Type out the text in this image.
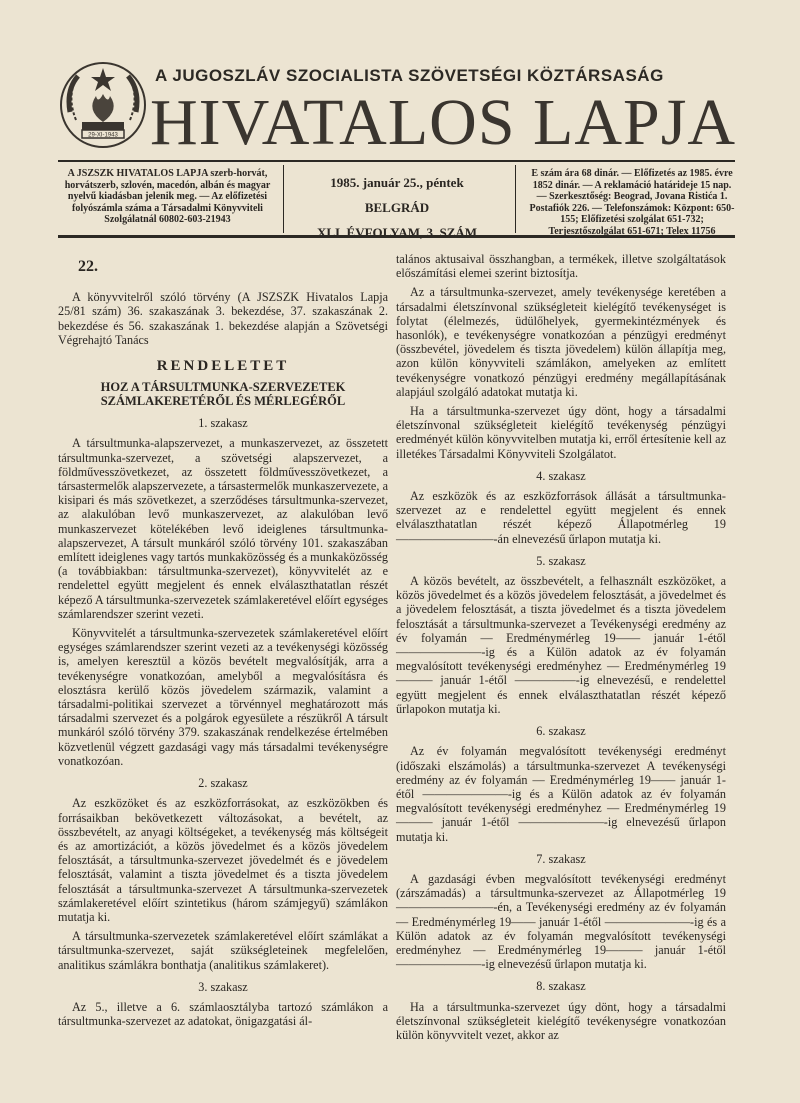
29-XI-1943
A JUGOSZLÁV SZOCIALISTA SZÖVETSÉGI KÖZTÁRSASÁG
HIVATALOS LAPJA
A JSZSZK HIVATALOS LAPJA szerb-horvát, horvátszerb, szlovén, macedón, albán és magyar nyelvű kiadásban jelenik meg. — Az előfizetési folyószámla száma a Társadalmi Könyvviteli Szolgálatnál 60802-603-21943
1985. január 25., péntek
BELGRÁD
XLI. ÉVFOLYAM, 3. SZÁM
E szám ára 68 dinár. — Előfizetés az 1985. évre 1852 dinár. — A reklamáció határideje 15 nap. — Szerkesztőség: Beograd, Jovana Ristića 1. Postafiók 226. — Telefonszámok: Központ: 650-155; Előfizetési szolgálat 651-732; Terjesztőszolgálat 651-671; Telex 11756
22.

A könyvvitelről szóló törvény (A JSZSZK Hivatalos Lapja 25/81 szám) 36. szakaszának 3. bekezdése, 37. szakaszának 2. bekezdése és 56. szakaszának 1. bekezdése alapján a Szövetségi Végrehajtó Tanács

RENDELETET
HOZ A TÁRSULTMUNKA-SZERVEZETEK SZÁMLAKERETÉRŐL ÉS MÉRLEGÉRŐL
1. szakasz

A társultmunka-alapszervezet, a munkaszervezet, az összetett társultmunka-szervezet, a szövetségi alapszervezet, a földművesszövetkezet, az összetett földművesszövetkezet, a társastermelők alapszervezete, a társastermelők munkaszervezete, a kisipari és más szövetkezet, a szerződéses társultmunka-szervezet, az alakulóban levő munkaszervezet, az alakulóban levő munkaszervezet kötelékében levő ideiglenes társultmunka-alapszervezet, A társult munkáról szóló törvény 101. szakaszában említett ideiglenes vagy tartós munkaközösség és a munkaközösség (a továbbiakban: társultmunka-szervezet), könyvvitelét az e rendelettel együtt megjelent és ennek elválaszthatatlan részét képező A társultmunka-szervezetek számlakeretével előírt egységes számlarendszer szerint vezeti.

Könyvvitelét a társultmunka-szervezetek számlakeretével előírt egységes számlarendszer szerint vezeti az a tevékenységi közösség is, amelyen keresztül a közös bevételt megvalósítják, arra a tevékenységre vonatkozóan, amelyből a megvalósításra és elosztásra kerülő közös jövedelem származik, valamint a társadalmi-politikai szervezet a törvénnyel meghatározott más társadalmi szervezet és a polgárok egyesülete a részükről A társult munkáról szóló törvény 379. szakaszának rendelkezése értelmében közvetlenül végzett gazdasági vagy más társadalmi tevékenységre vonatkozóan.

2. szakasz

Az eszközöket és az eszközforrásokat, az eszközökben és forrásaikban bekövetkezett változásokat, a bevételt, az összbevételt, az anyagi költségeket, a tevékenység más költségeit és az amortizációt, a közös jövedelmet és a közös jövedelem felosztását, a társultmunka-szervezet jövedelmét és e jövedelem felosztását, valamint a tiszta jövedelmet és a tiszta jövedelem felosztását a társultmunka-szervezet A társultmunka-szervezetek számlakeretével előírt szintetikus (három számjegyű) számlákon mutatja ki.

A társultmunka-szervezetek számlakeretével előírt számlákat a társultmunka-szervezet, saját szükségleteinek megfelelően, analitikus számlákra bonthatja (analitikus számlakeret).

3. szakasz

Az 5., illetve a 6. számlaosztályba tartozó számlákon a társultmunka-szervezet az adatokat, önigazgatási ál-

talános aktusaival összhangban, a termékek, illetve szolgáltatások előszámítási elemei szerint biztosítja.

Az a társultmunka-szervezet, amely tevékenysége keretében a társadalmi életszínvonal szükségleteit kielégítő tevékenységet is folytat (élelmezés, üdülőhelyek, gyermekintézmények és hasonlók), e tevékenységre vonatkozóan a pénzügyi eredményt (összbevétel, jövedelem és tiszta jövedelem) külön állapítja meg, azon külön könyvviteli számlákon, amelyeken az említett tevékenységre vonatkozó pénzügyi eredmény megállapításának alapjául szolgáló adatokat mutatja ki.

Ha a társultmunka-szervezet úgy dönt, hogy a társadalmi életszínvonal szükségleteit kielégítő tevékenység pénzügyi eredményét külön könyvvitelben mutatja ki, erről értesítenie kell az illetékes Társadalmi Könyvviteli Szolgálatot.

4. szakasz

Az eszközök és az eszközforrások állását a társultmunka-szervezet az e rendelettel együtt megjelent és ennek elválaszthatatlan részét képező Állapotmérleg 19————————-án elnevezésű űrlapon mutatja ki.

5. szakasz

A közös bevételt, az összbevételt, a felhasznált eszközöket, a közös jövedelmet és a közös jövedelem felosztását, a jövedelmet és a jövedelem felosztását, a tiszta jövedelmet és a tiszta jövedelem felosztását a társultmunka-szervezet a Tevékenységi eredmény az év folyamán — Eredménymérleg 19—— január 1-étől ———————-ig és a Külön adatok az év folyamán megvalósított tevékenységi eredményhez — Eredménymérleg 19——— január 1-étől —————-ig elnevezésű, e rendelettel együtt megjelent és ennek elválaszthatatlan részét képező űrlapokon mutatja ki.

6. szakasz

Az év folyamán megvalósított tevékenységi eredményt (időszaki elszámolás) a társultmunka-szervezet A tevékenységi eredmény az év folyamán — Eredménymérleg 19—— január 1-étől ———————-ig és a Külön adatok az év folyamán megvalósított tevékenységi eredményhez — Eredménymérleg 19——— január 1-étől ———————-ig elnevezésű űrlapon mutatja ki.

7. szakasz

A gazdasági évben megvalósított tevékenységi eredményt (zárszámadás) a társultmunka-szervezet az Állapotmérleg 19————————-én, a Tevékenységi eredmény az év folyamán — Eredménymérleg 19—— január 1-étől ———————-ig és a Külön adatok az év folyamán megvalósított tevékenységi eredményhez — Eredménymérleg 19——— január 1-étől ———————-ig elnevezésű űrlapon mutatja ki.

8. szakasz

Ha a társultmunka-szervezet úgy dönt, hogy a társadalmi életszínvonal szükségleteit kielégítő tevékenységre vonatkozóan külön könyvvitelt vezet, akkor az
